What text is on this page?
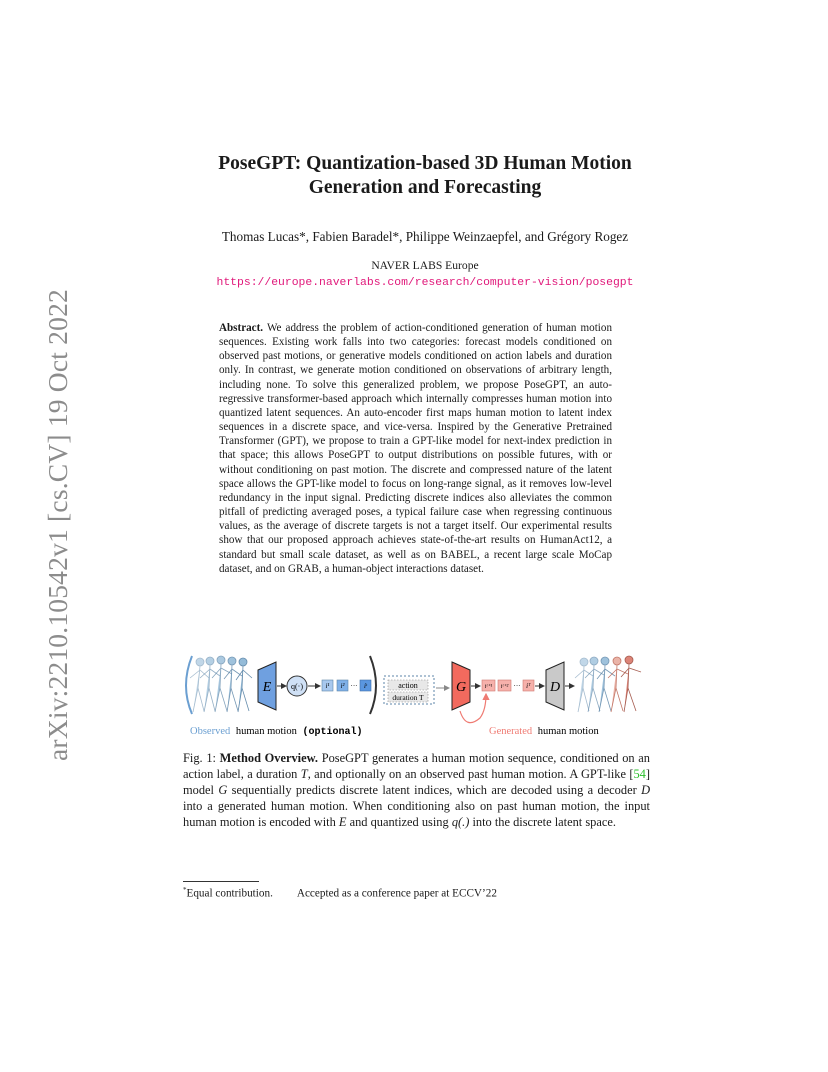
arXiv:2210.10542v1 [cs.CV] 19 Oct 2022
PoseGPT: Quantization-based 3D Human Motion
Generation and Forecasting
Thomas Lucas*, Fabien Baradel*, Philippe Weinzaepfel, and Grégory Rogez
NAVER LABS Europe
https://europe.naverlabs.com/research/computer-vision/posegpt
Abstract. We address the problem of action-conditioned generation of human motion sequences. Existing work falls into two categories: forecast models conditioned on observed past motions, or generative models conditioned on action labels and duration only. In contrast, we generate motion conditioned on observations of arbitrary length, including none. To solve this generalized problem, we propose PoseGPT, an auto-regressive transformer-based approach which internally compresses human motion into quantized latent sequences. An auto-encoder first maps human motion to latent index sequences in a discrete space, and vice-versa. Inspired by the Generative Pretrained Transformer (GPT), we propose to train a GPT-like model for next-index prediction in that space; this allows PoseGPT to output distributions on possible futures, with or without conditioning on past motion. The discrete and compressed nature of the latent space allows the GPT-like model to focus on long-range signal, as it removes low-level redundancy in the input signal. Predicting discrete indices also alleviates the common pitfall of predicting averaged poses, a typical failure case when regressing continuous values, as the average of discrete targets is not a target itself. Our experimental results show that our proposed approach achieves state-of-the-art results on HumanAct12, a standard but small scale dataset, as well as on BABEL, a recent large scale MoCap dataset, and on GRAB, a human-object interactions dataset.
E q(·)	i¹ i² ··· iᵗ	action
duration T
G	iᵗ⁺¹ iᵗ⁺² ··· iᵀ D
Observed human motion (optional)	Generated human motion
Fig. 1: Method Overview. PoseGPT generates a human motion sequence, conditioned on an action label, a duration T, and optionally on an observed past human motion. A GPT-like [54] model G sequentially predicts discrete latent indices, which are decoded using a decoder D into a generated human motion. When conditioning also on past human motion, the input human motion is encoded with E and quantized using q(.) into the discrete latent space.
*Equal contribution. Accepted as a conference paper at ECCV’22
